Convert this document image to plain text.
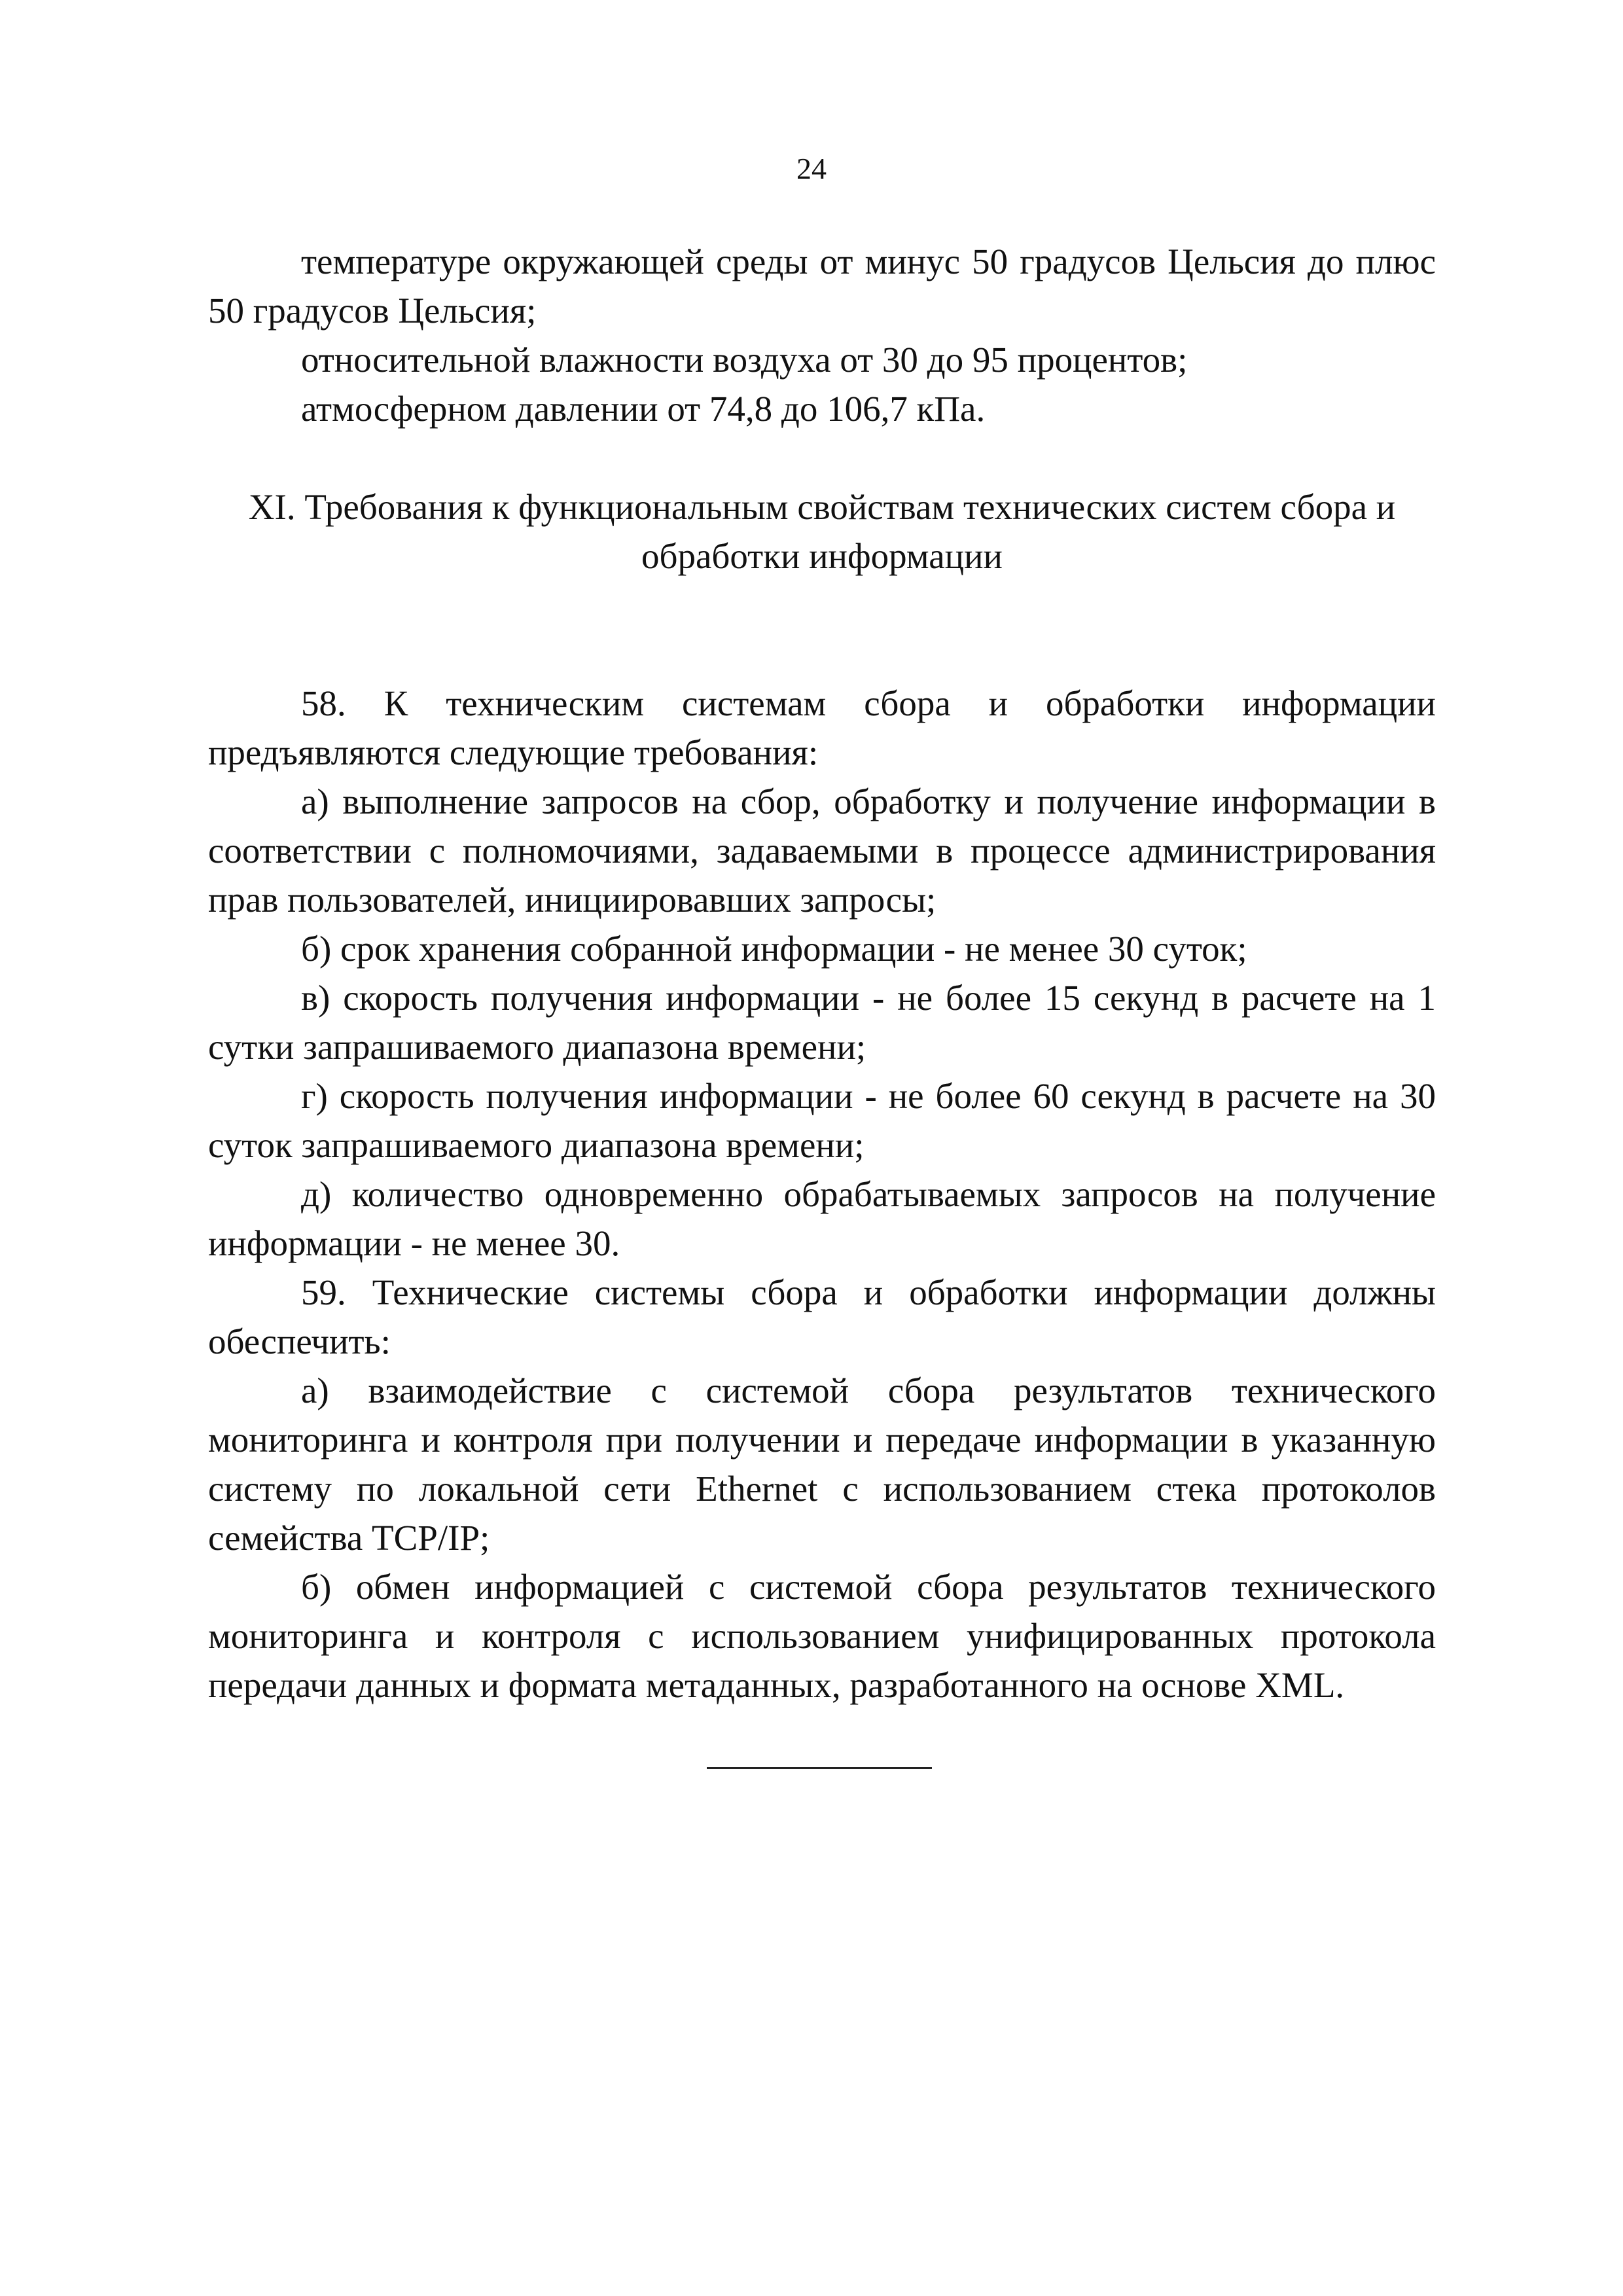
24

температуре окружающей среды от минус 50 градусов Цельсия до плюс 50 градусов Цельсия;

относительной влажности воздуха от 30 до 95 процентов;

атмосферном давлении от 74,8 до 106,7 кПа.

XI. Требования к функциональным свойствам технических систем сбора и
обработки информации

58. К техническим системам сбора и обработки информации предъявляются следующие требования:

а) выполнение запросов на сбор, обработку и получение информации в соответствии с полномочиями, задаваемыми в процессе администрирования прав пользователей, инициировавших запросы;

б) срок хранения собранной информации - не менее 30 суток;

в) скорость получения информации - не более 15 секунд в расчете на 1 сутки запрашиваемого диапазона времени;

г) скорость получения информации - не более 60 секунд в расчете на 30 суток запрашиваемого диапазона времени;

д) количество одновременно обрабатываемых запросов на получение информации - не менее 30.

59. Технические системы сбора и обработки информации должны обеспечить:

а) взаимодействие с системой сбора результатов технического мониторинга и контроля при получении и передаче информации в указанную систему по локальной сети Ethernet с использованием стека протоколов семейства TCP/IP;

б) обмен информацией с системой сбора результатов технического мониторинга и контроля с использованием унифицированных протокола передачи данных и формата метаданных, разработанного на основе XML.
